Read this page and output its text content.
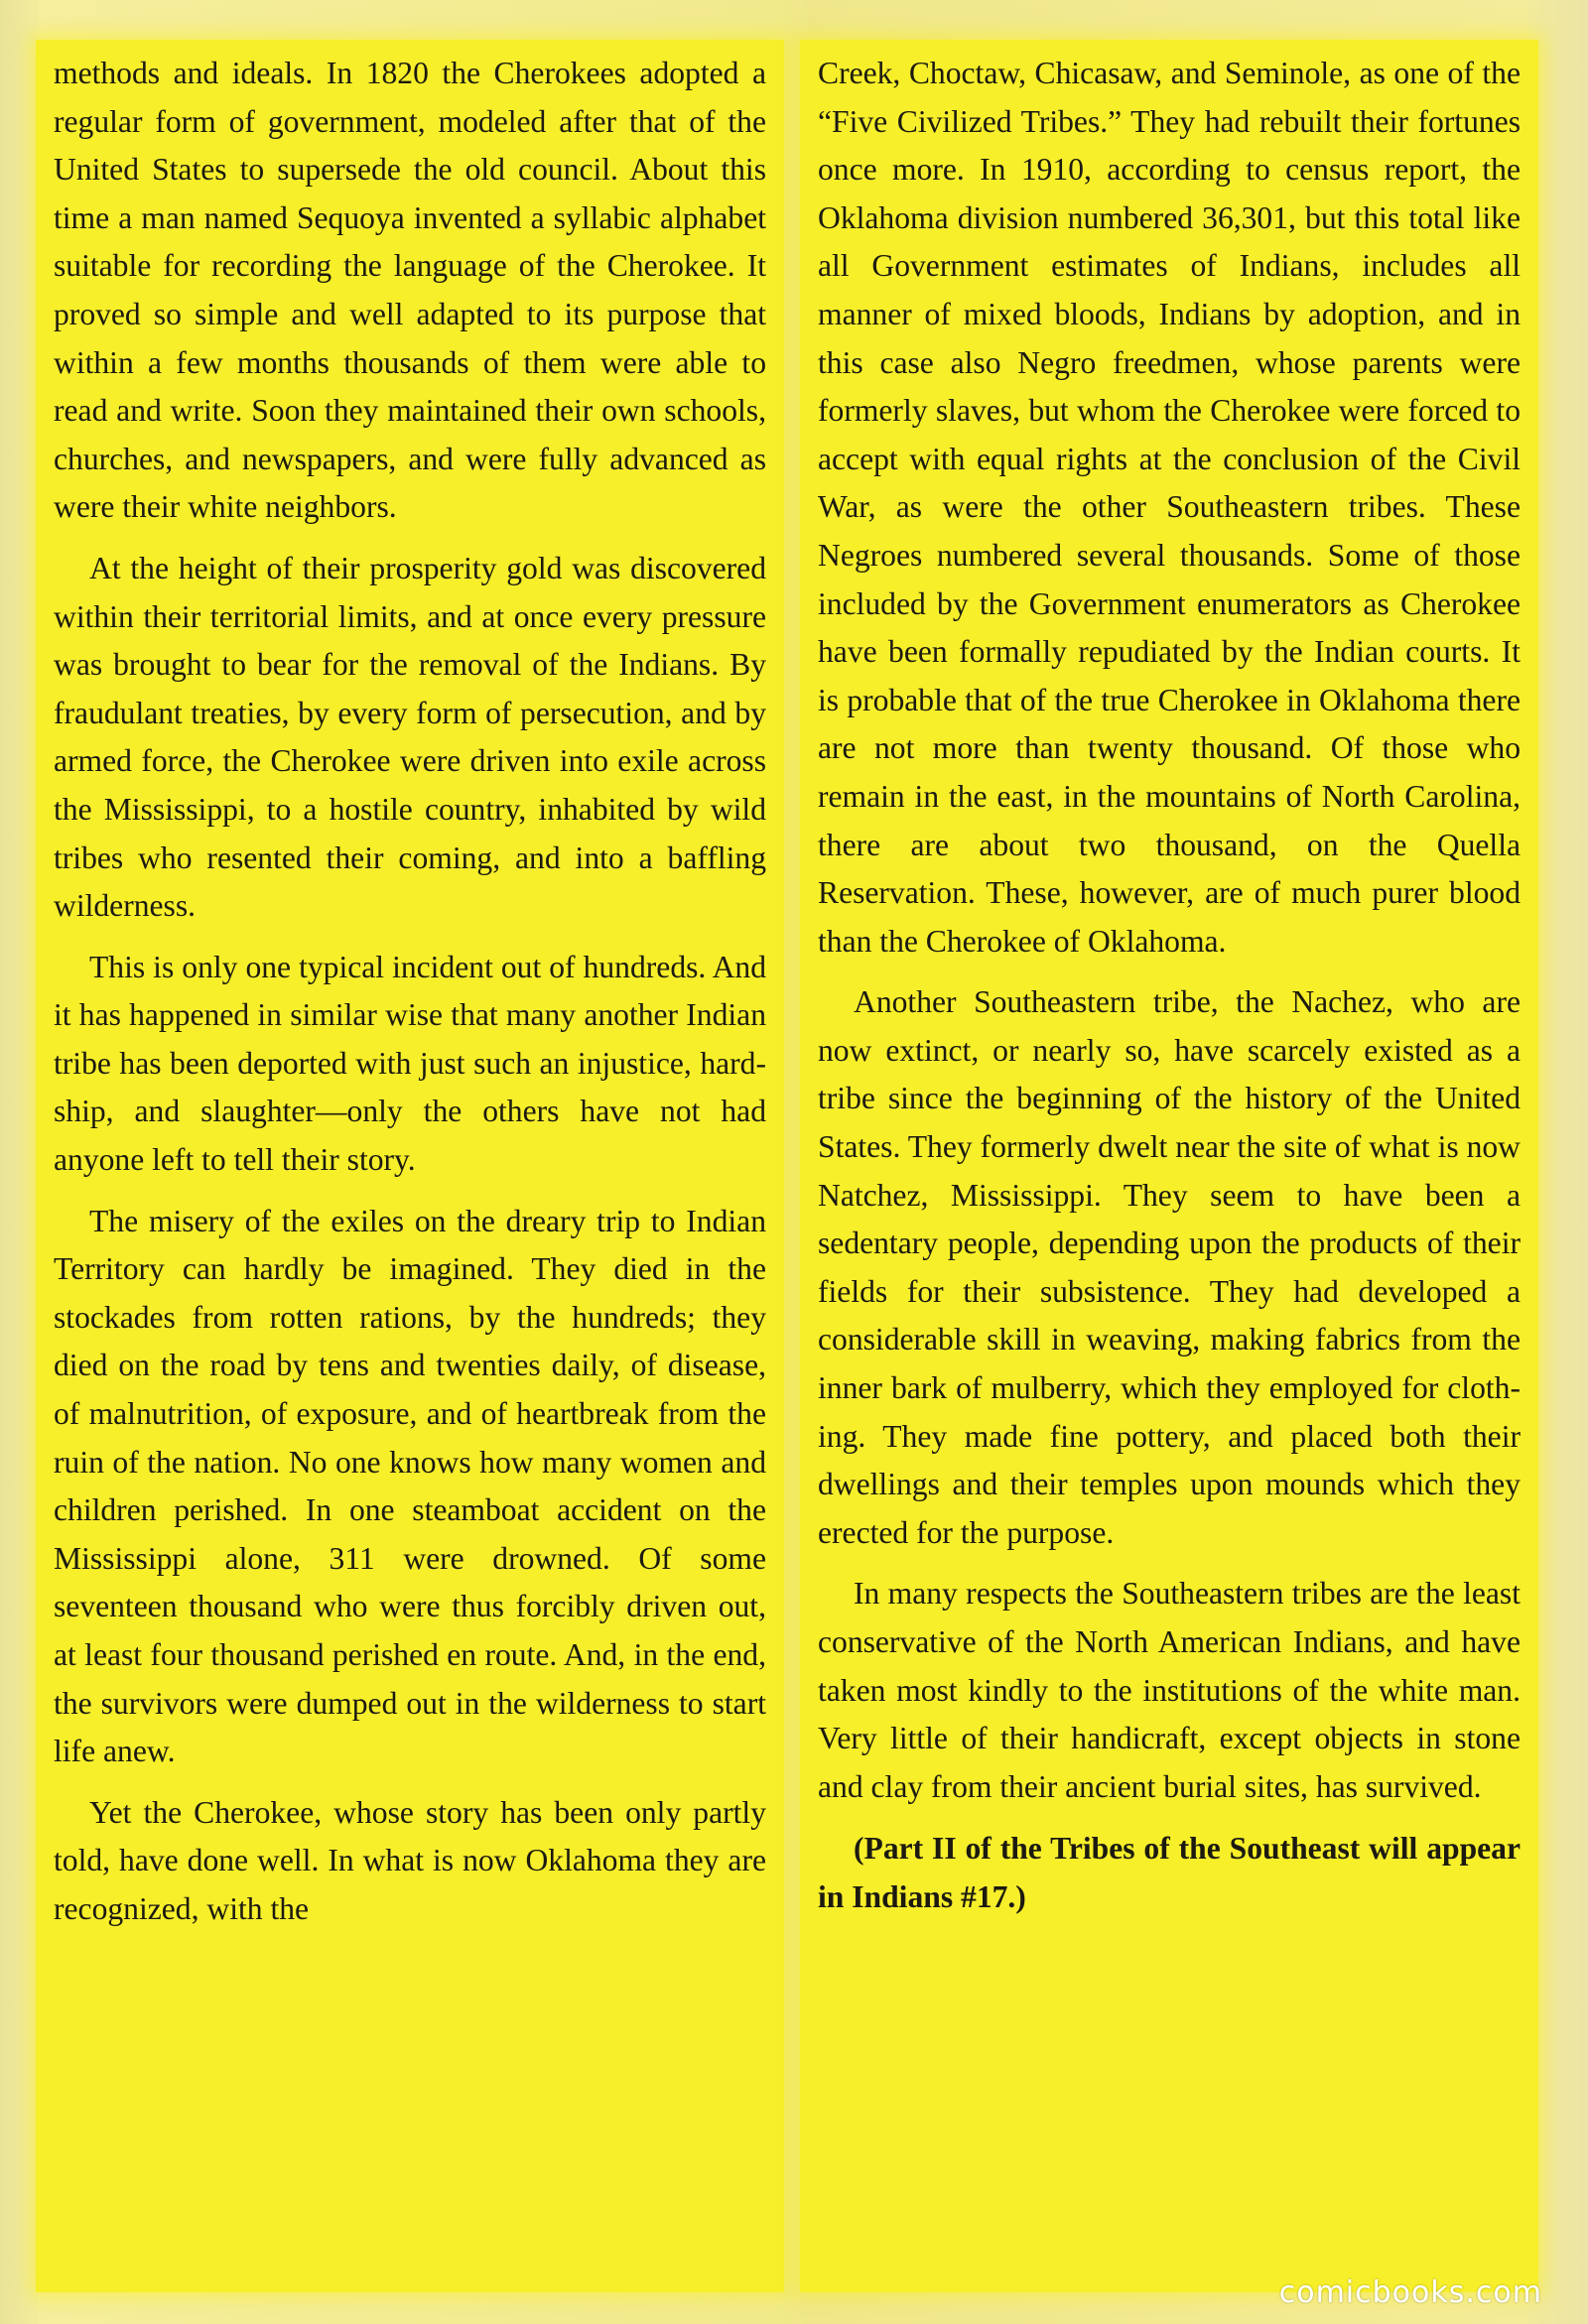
methods and ideals. In 1820 the Cherokees adopted a regular form of government, modeled after that of the United States to supersede the old council. About this time a man named Sequoya invented a syllabic alphabet suitable for recording the language of the Cherokee. It proved so simple and well adapted to its purpose that within a few months thousands of them were able to read and write. Soon they maintained their own schools, churches, and newspapers, and were fully advanced as were their white neighbors.

At the height of their prosperity gold was discovered within their territorial limits, and at once every pressure was brought to bear for the removal of the Indians. By fraudulant treaties, by every form of persecution, and by armed force, the Cherokee were driven into exile across the Mississippi, to a hostile country, inhabited by wild tribes who resented their coming, and into a baffling wilderness.

This is only one typical incident out of hundreds. And it has happened in similar wise that many another Indian tribe has been deported with just such an injustice, hardship, and slaughter—only the others have not had anyone left to tell their story.

The misery of the exiles on the dreary trip to Indian Territory can hardly be imagined. They died in the stockades from rotten rations, by the hundreds; they died on the road by tens and twenties daily, of disease, of malnutrition, of exposure, and of heartbreak from the ruin of the nation. No one knows how many women and children perished. In one steamboat accident on the Mississippi alone, 311 were drowned. Of some seventeen thousand who were thus forcibly driven out, at least four thousand perished en route. And, in the end, the survivors were dumped out in the wilderness to start life anew.

Yet the Cherokee, whose story has been only partly told, have done well. In what is now Oklahoma they are recognized, with the

Creek, Choctaw, Chicasaw, and Seminole, as one of the “Five Civilized Tribes.” They had rebuilt their fortunes once more. In 1910, according to census report, the Oklahoma division numbered 36,301, but this total like all Government estimates of Indians, includes all manner of mixed bloods, Indians by adoption, and in this case also Negro freedmen, whose parents were formerly slaves, but whom the Cherokee were forced to accept with equal rights at the conclusion of the Civil War, as were the other Southeastern tribes. These Negroes numbered several thousands. Some of those included by the Government enumerators as Cherokee have been formally repudiated by the Indian courts. It is probable that of the true Cherokee in Oklahoma there are not more than twenty thousand. Of those who remain in the east, in the mountains of North Carolina, there are about two thousand, on the Quella Reservation. These, however, are of much purer blood than the Cherokee of Oklahoma.

Another Southeastern tribe, the Nachez, who are now extinct, or nearly so, have scarcely existed as a tribe since the beginning of the history of the United States. They formerly dwelt near the site of what is now Natchez, Mississippi. They seem to have been a sedentary people, depending upon the products of their fields for their subsistence. They had developed a considerable skill in weaving, making fabrics from the inner bark of mulberry, which they employed for clothing. They made fine pottery, and placed both their dwellings and their temples upon mounds which they erected for the purpose.

In many respects the Southeastern tribes are the least conservative of the North American Indians, and have taken most kindly to the institutions of the white man. Very little of their handicraft, except objects in stone and clay from their ancient burial sites, has survived.

(Part II of the Tribes of the Southeast will appear in Indians #17.)

comicbooks.com
